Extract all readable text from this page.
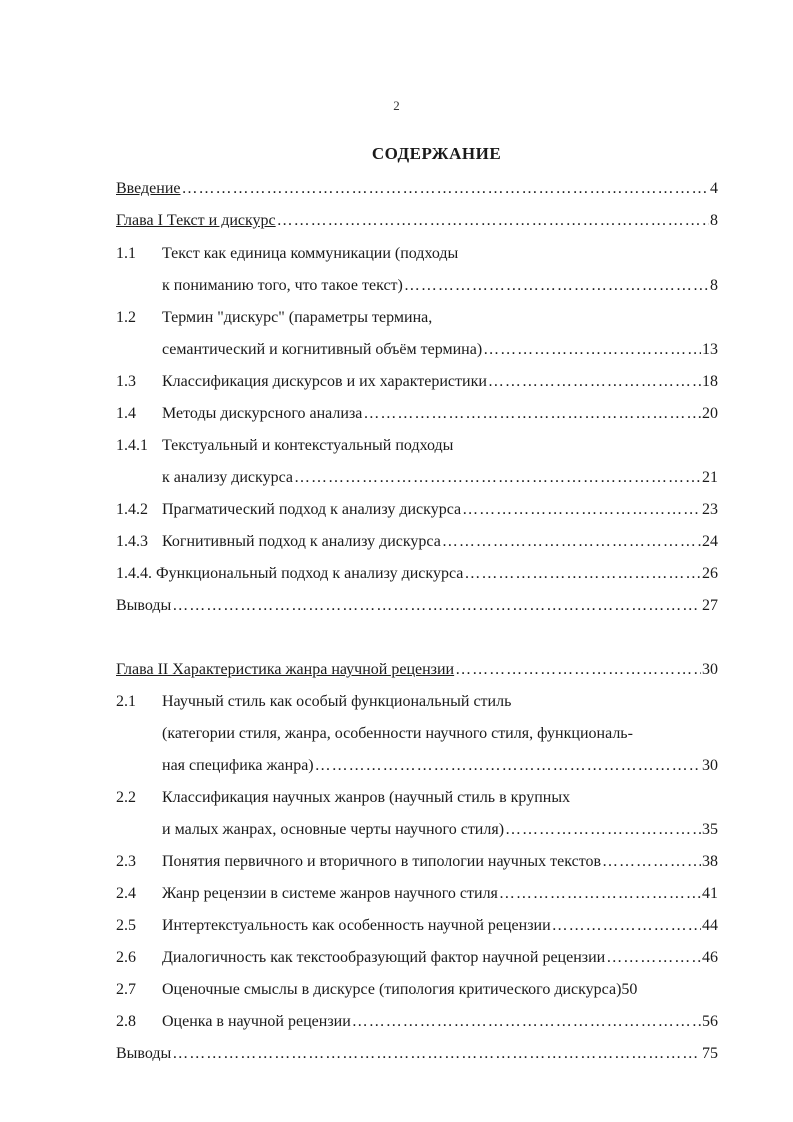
2
СОДЕРЖАНИЕ
Введение ……………………………………………………………………………………………………………………………………………………………………………………	4
Глава I Текст и дискурс ……………………………………………………………………………………………………………………………………………………………………………………	8
1.1	Текст как единица коммуникации (подходы
к пониманию того, что такое текст) ……………………………………………………………………………………………………………………………………………………………………………………	8
1.2	Термин "дискурс" (параметры термина,
семантический и когнитивный объём термина) ……………………………………………………………………………………………………………………………………………………………………………………	13
1.3	Классификация дискурсов и их характеристики ……………………………………………………………………………………………………………………………………………………………………………………	18
1.4	Методы дискурсного анализа ……………………………………………………………………………………………………………………………………………………………………………………	20
1.4.1 Текстуальный и контекстуальный подходы
к анализу дискурса ……………………………………………………………………………………………………………………………………………………………………………………	21
1.4.2 Прагматический подход к анализу дискурса ……………………………………………………………………………………………………………………………………………………………………………………	23
1.4.3 Когнитивный подход к анализу дискурса ……………………………………………………………………………………………………………………………………………………………………………………	24
1.4.4. Функциональный подход к анализу дискурса ……………………………………………………………………………………………………………………………………………………………………………………	26
Выводы ……………………………………………………………………………………………………………………………………………………………………………………	27
Глава II Характеристика жанра научной рецензии ……………………………………………………………………………………………………………………………………………………………………………………	30
2.1	Научный стиль как особый функциональный стиль
(категории стиля, жанра, особенности научного стиля, функциональ-
ная специфика жанра) ……………………………………………………………………………………………………………………………………………………………………………………	30
2.2	Классификация научных жанров (научный стиль в крупных
и малых жанрах, основные черты научного стиля) ……………………………………………………………………………………………………………………………………………………………………………………	35
2.3	Понятия первичного и вторичного в типологии научных текстов ……………………………………………………………………………………………………………………………………………………………………………………	38
2.4	Жанр рецензии в системе жанров научного стиля ……………………………………………………………………………………………………………………………………………………………………………………	41
2.5	Интертекстуальность как особенность научной рецензии ……………………………………………………………………………………………………………………………………………………………………………………	44
2.6	Диалогичность как текстообразующий фактор научной рецензии ……………………………………………………………………………………………………………………………………………………………………………………	46
2.7	Оценочные смыслы в дискурсе (типология критического дискурса) 50
2.8	Оценка в научной рецензии ……………………………………………………………………………………………………………………………………………………………………………………	56
Выводы ……………………………………………………………………………………………………………………………………………………………………………………	75
